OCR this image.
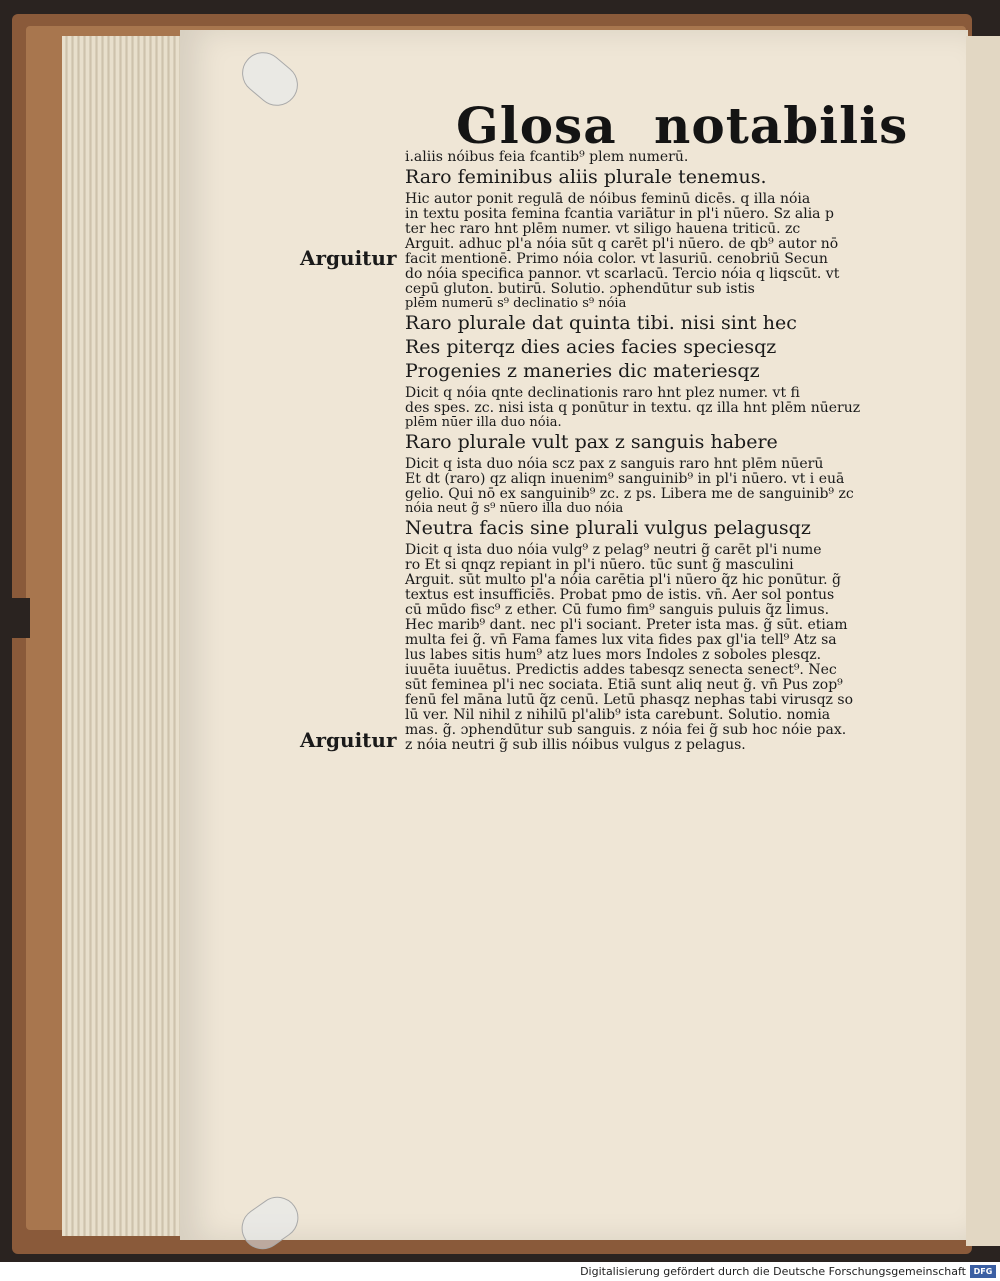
Glosa notabilis
Arguitur
Arguitur
i.aliis nóibus feia fcantib⁹ plem numerū.
Raro feminibus aliis plurale tenemus.
Hic autor ponit regulā de nóibus feminū dicēs. q illa nóia
in textu posita femina fcantia variātur in pl'i nūero. Sz alia p
ter hec raro hnt plēm numer. vt siligo hauena triticū. zc
Arguit. adhuc pl'a nóia sūt q carēt pl'i nūero. de qb⁹ autor nō
facit mentionē. Primo nóia color. vt lasuriū. cenobriū Secun
do nóia specifica pannor. vt scarlacū. Tercio nóia q liqscūt. vt
cepū gluton. butirū. Solutio. ɔphendūtur sub istis
plēm numerū s⁹ declinatio s⁹ nóia
Raro plurale dat quinta tibi. nisi sint hec
Res piterqz dies acies facies speciesqz
Progenies z maneries dic materiesqz
Dicit q nóia qnte declinationis raro hnt plez numer. vt fi
des spes. zc. nisi ista q ponūtur in textu. qz illa hnt plēm nūeruz
plēm nūer illa duo nóia.
Raro plurale vult pax z sanguis habere
Dicit q ista duo nóia scz pax z sanguis raro hnt plēm nūerū
Et dt (raro) qz aliqn inuenim⁹ sanguinib⁹ in pl'i nūero. vt i euā
gelio. Qui nō ex sanguinib⁹ zc. z ps. Libera me de sanguinib⁹ zc
nóia neut g̃ s⁹ nūero illa duo nóia
Neutra facis sine plurali vulgus pelagusqz
Dicit q ista duo nóia vulg⁹ z pelag⁹ neutri g̃ carēt pl'i nume
ro Et si qnqz repiant in pl'i nūero. tūc sunt g̃ masculini
Arguit. sūt multo pl'a nóia carētia pl'i nūero q̃z hic ponūtur. g̃
textus est insufficiēs. Probat pmo de istis. vn̄. Aer sol pontus
cū mūdo fisc⁹ z ether. Cū fumo fim⁹ sanguis puluis q̃z limus.
Hec marib⁹ dant. nec pl'i sociant. Preter ista mas. g̃ sūt. etiam
multa fei g̃. vn̄ Fama fames lux vita fides pax gl'ia tell⁹ Atz sa
lus labes sitis hum⁹ atz lues mors Indoles z soboles plesqz.
iuuēta iuuētus. Predictis addes tabesqz senecta senect⁹. Nec
sūt feminea pl'i nec sociata. Etiā sunt aliq neut g̃. vn̄ Pus zop⁹
fenū fel māna lutū q̃z cenū. Letū phasqz nephas tabi virusqz so
lū ver. Nil nihil z nihilū pl'alib⁹ ista carebunt. Solutio. nomia
mas. g̃. ɔphendūtur sub sanguis. z nóia fei g̃ sub hoc nóie pax.
z nóia neutri g̃ sub illis nóibus vulgus z pelagus.
Digitalisierung gefördert durch die Deutsche Forschungsgemeinschaft DFG
